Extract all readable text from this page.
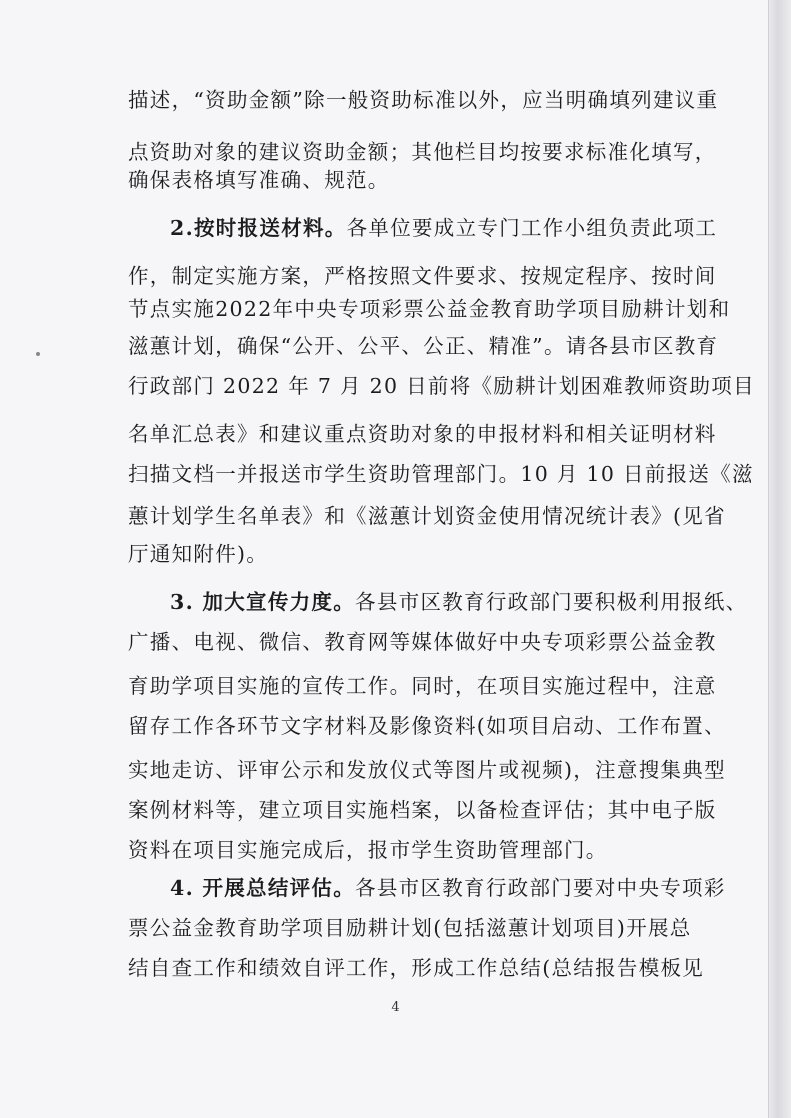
描述，“资助金额”除一般资助标准以外，应当明确填列建议重
点资助对象的建议资助金额；其他栏目均按要求标准化填写，
确保表格填写准确、规范。
2.按时报送材料。各单位要成立专门工作小组负责此项工
作，制定实施方案，严格按照文件要求、按规定程序、按时间
节点实施2022年中央专项彩票公益金教育助学项目励耕计划和
滋蕙计划，确保“公开、公平、公正、精准”。请各县市区教育
行政部门 2022 年 7 月 20 日前将《励耕计划困难教师资助项目
名单汇总表》和建议重点资助对象的申报材料和相关证明材料
扫描文档一并报送市学生资助管理部门。10 月 10 日前报送《滋
蕙计划学生名单表》和《滋蕙计划资金使用情况统计表》(见省
厅通知附件)。
3. 加大宣传力度。各县市区教育行政部门要积极利用报纸、
广播、电视、微信、教育网等媒体做好中央专项彩票公益金教
育助学项目实施的宣传工作。同时，在项目实施过程中，注意
留存工作各环节文字材料及影像资料(如项目启动、工作布置、
实地走访、评审公示和发放仪式等图片或视频)，注意搜集典型
案例材料等，建立项目实施档案，以备检查评估；其中电子版
资料在项目实施完成后，报市学生资助管理部门。
4. 开展总结评估。各县市区教育行政部门要对中央专项彩
票公益金教育助学项目励耕计划(包括滋蕙计划项目)开展总
结自查工作和绩效自评工作，形成工作总结(总结报告模板见
4
